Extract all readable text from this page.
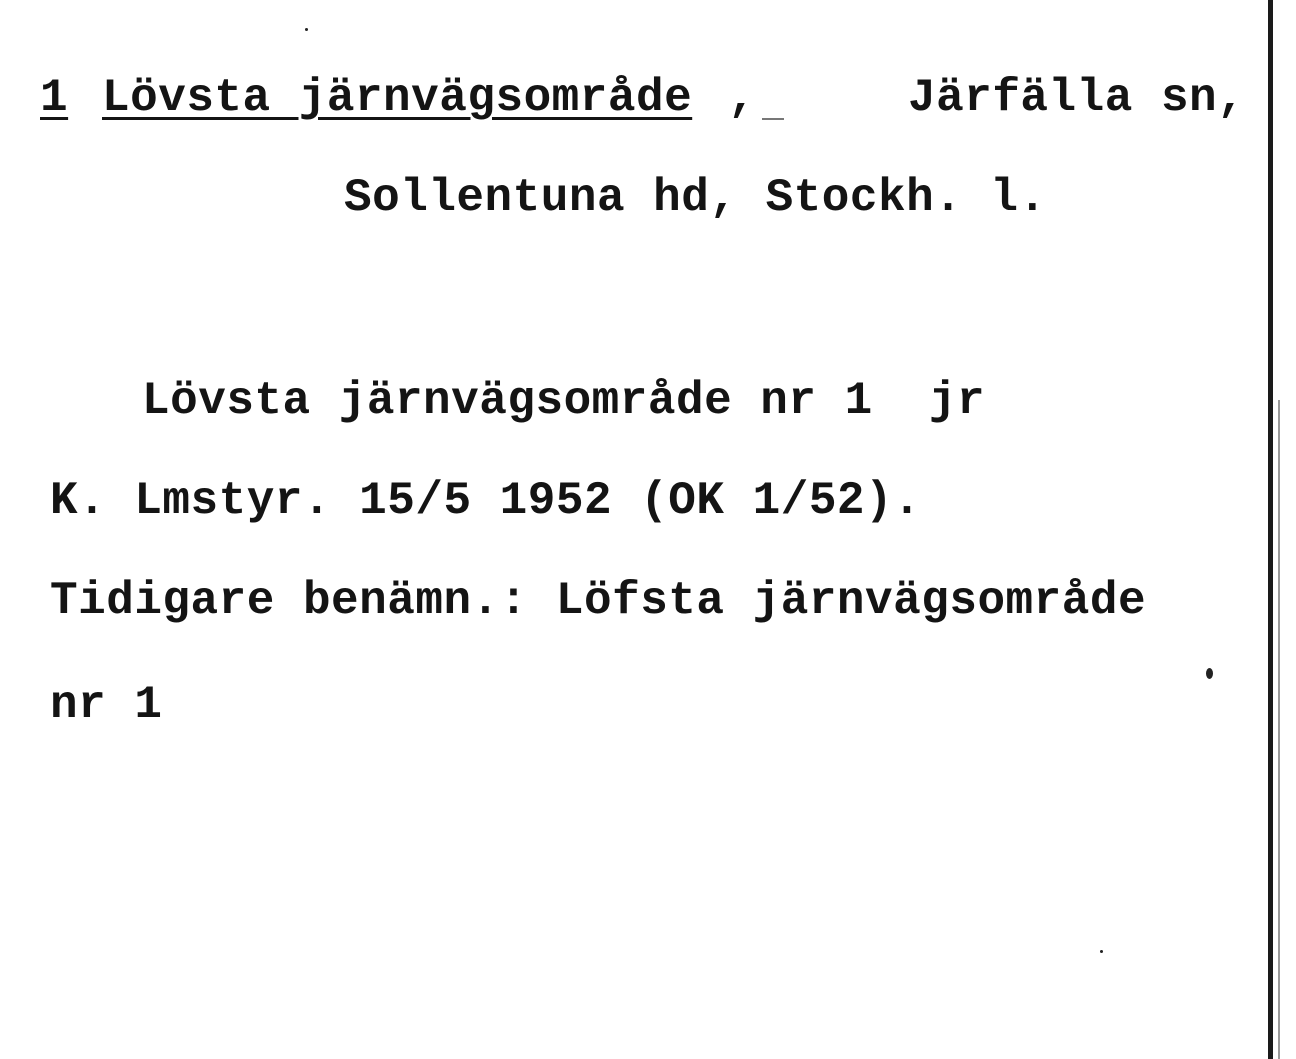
1 Lövsta järnvägsområde ,	Järfälla sn,
Sollentuna hd, Stockh. l.
Lövsta järnvägsområde nr 1  jr
K. Lmstyr. 15/5 1952 (OK 1/52).
Tidigare benämn.: Löfsta järnvägsområde
nr 1
